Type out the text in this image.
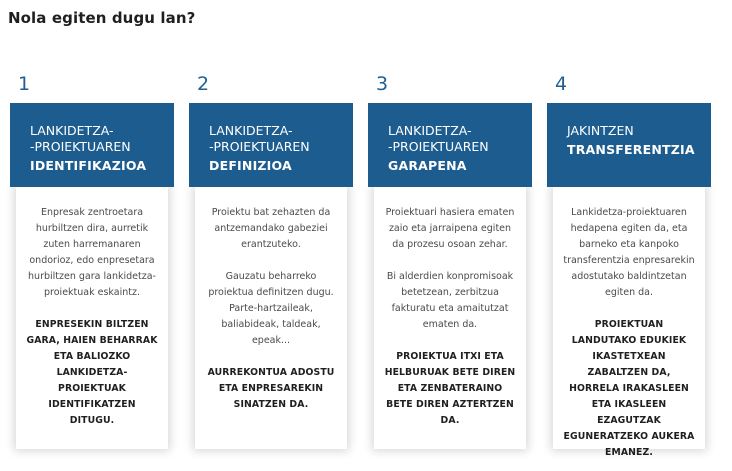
Nola egiten dugu lan?
1
LANKIDETZA-
-PROIEKTUAREN
IDENTIFIKAZIOA

Enpresak zentroetara hurbiltzen dira, aurretik zuten harremanaren ondorioz, edo enpresetara hurbiltzen gara lankidetza-proiektuak eskaintz.

ENPRESEKIN BILTZEN GARA, HAIEN BEHARRAK ETA BALIOZKO LANKIDETZA-PROIEKTUAK IDENTIFIKATZEN DITUGU.

2
LANKIDETZA-
-PROIEKTUAREN
DEFINIZIOA

Proiektu bat zehazten da antzemandako gabeziei erantzuteko.

Gauzatu beharreko proiektua definitzen dugu. Parte-hartzaileak, baliabideak, taldeak, epeak...

AURREKONTUA ADOSTU ETA ENPRESAREKIN SINATZEN DA.

3
LANKIDETZA-
-PROIEKTUAREN
GARAPENA

Proiektuari hasiera ematen zaio eta jarraipena egiten da prozesu osoan zehar.

Bi alderdien konpromisoak betetzean, zerbitzua fakturatu eta amaitutzat ematen da.

PROIEKTUA ITXI ETA HELBURUAK BETE DIREN ETA ZENBATERAINO BETE DIREN AZTERTZEN DA.

4
JAKINTZEN

TRANSFERENTZIA

Lankidetza-proiektuaren hedapena egiten da, eta barneko eta kanpoko transferentzia enpresarekin adostutako baldintzetan egiten da.

PROIEKTUAN LANDUTAKO EDUKIEK IKASTETXEAN ZABALTZEN DA, HORRELA IRAKASLEEN ETA IKASLEEN EZAGUTZAK EGUNERATZEKO AUKERA EMANEZ.
